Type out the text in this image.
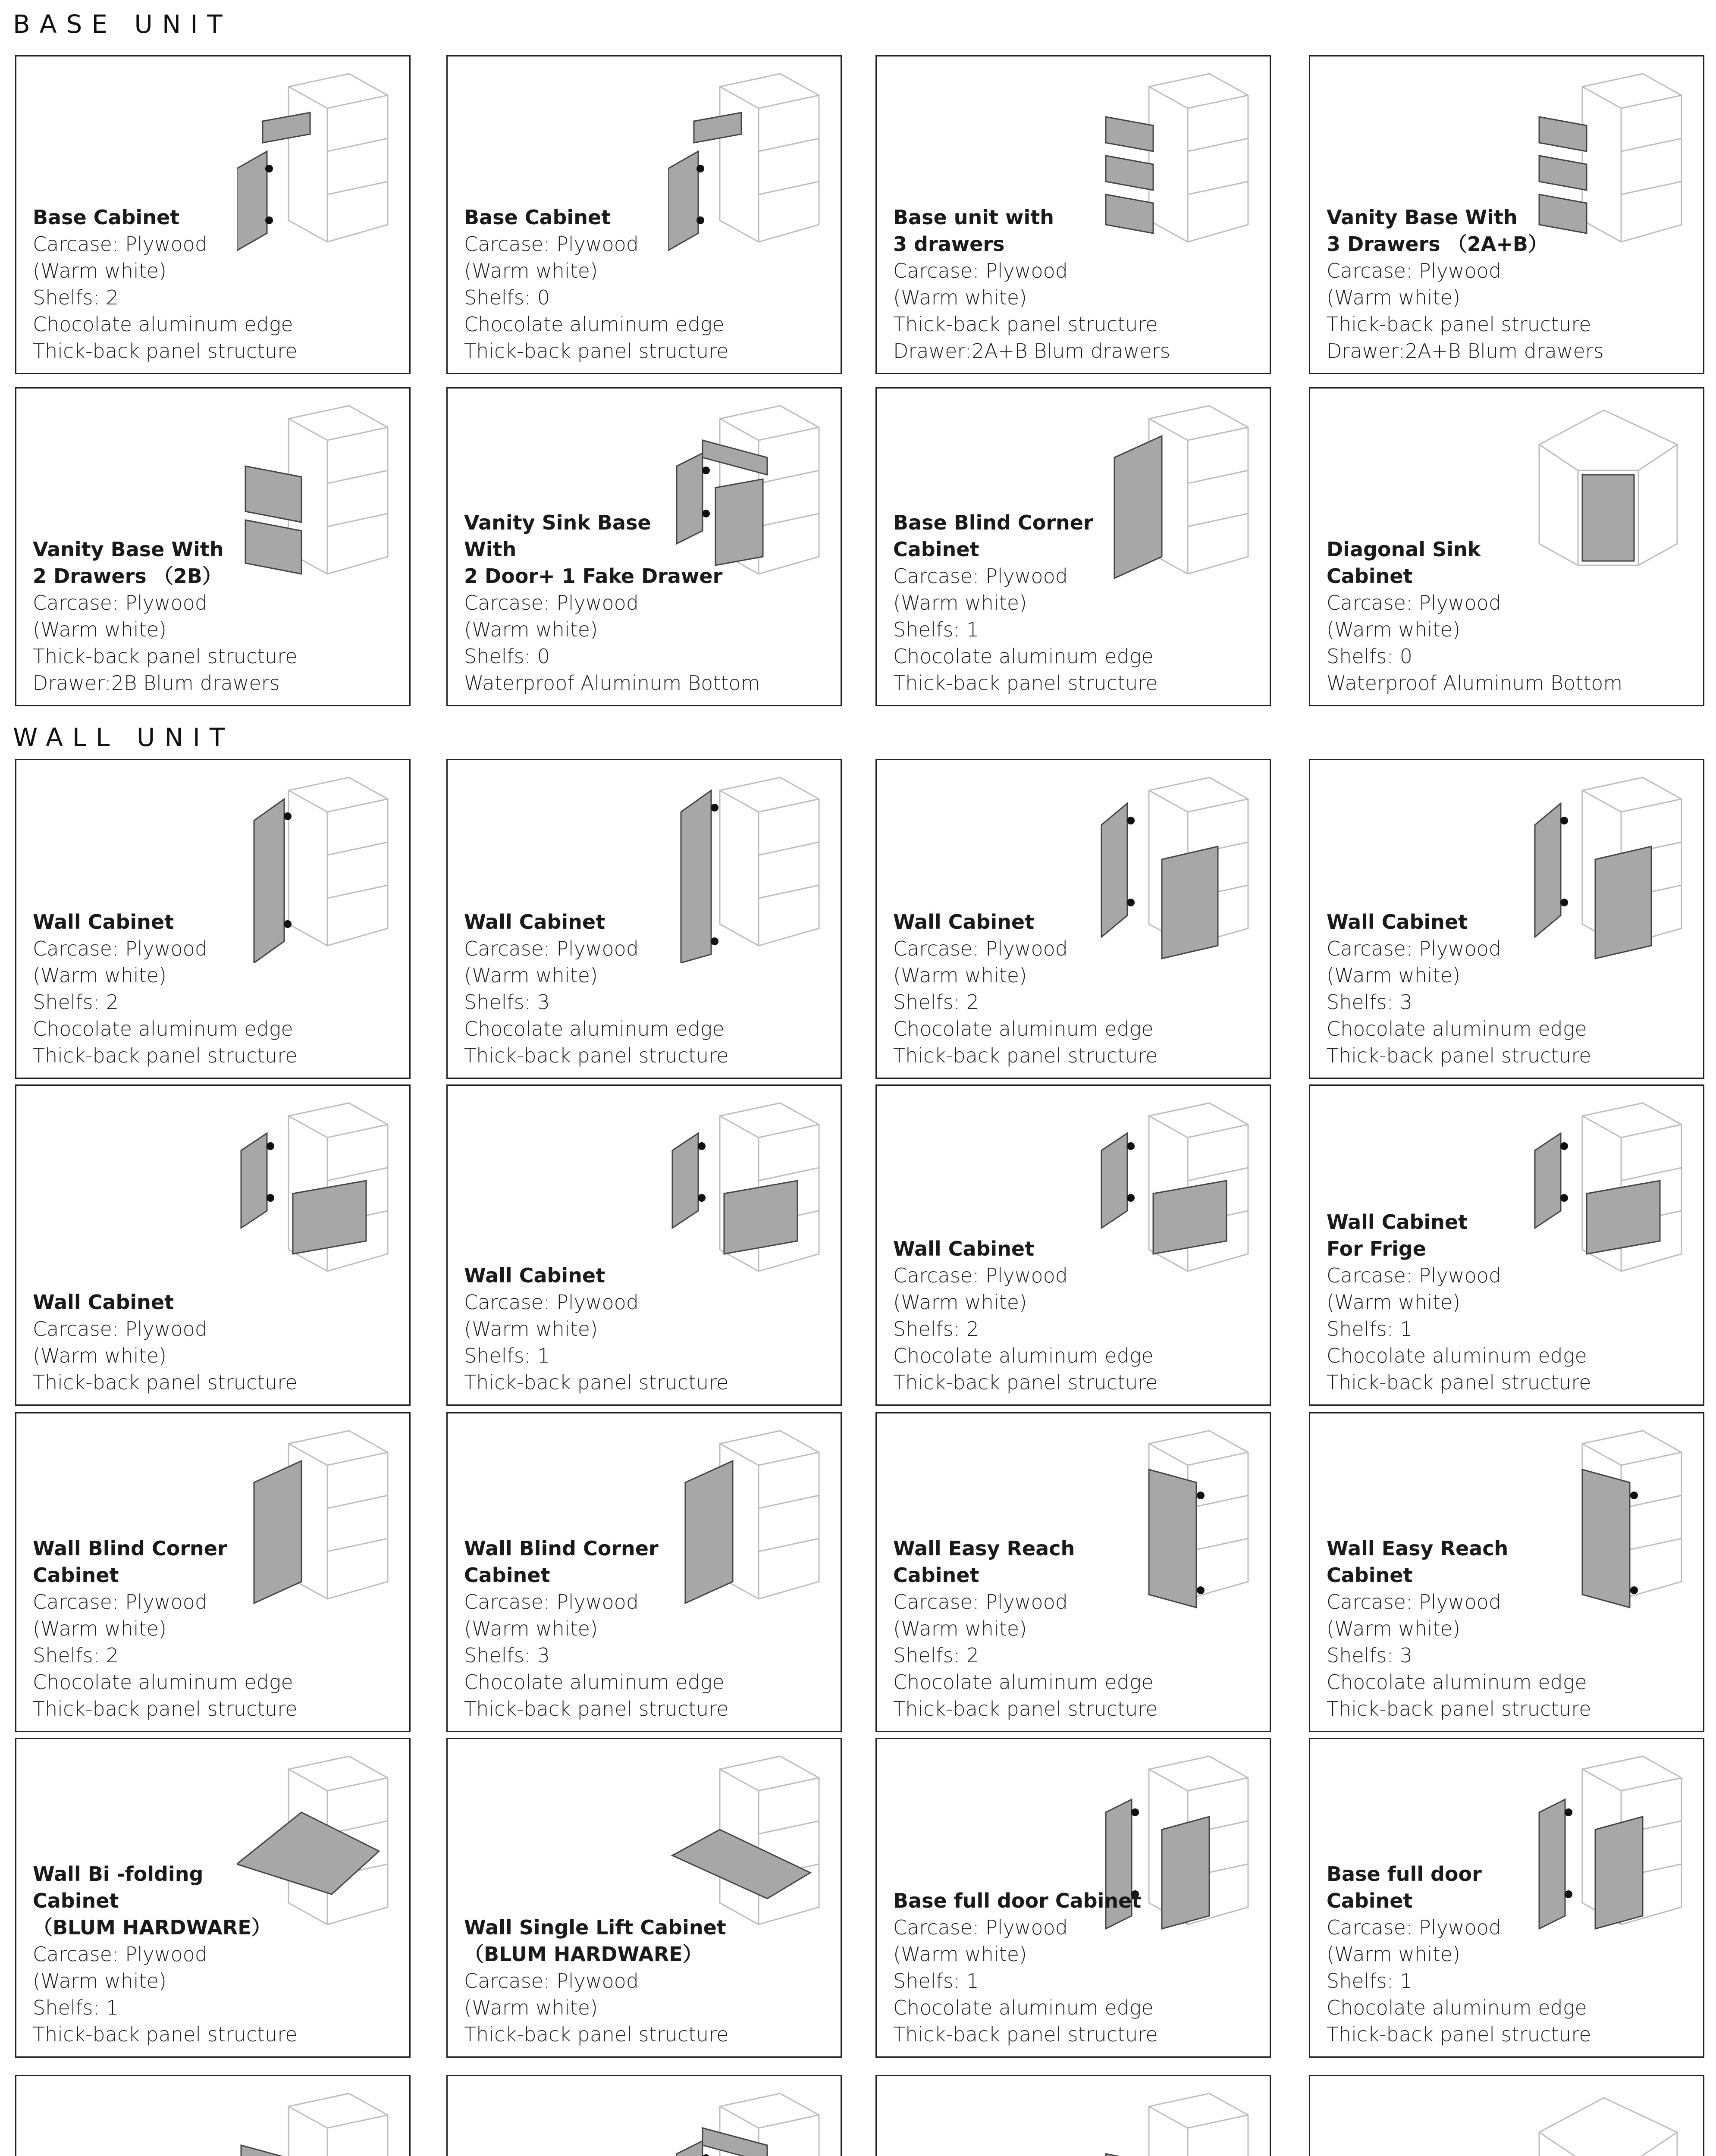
BASE UNIT
WALL UNIT
Base Cabinet
Carcase: Plywood
(Warm white)
Shelfs: 2
Chocolate aluminum edge
Thick-back panel structure
Base Cabinet
Carcase: Plywood
(Warm white)
Shelfs: 0
Chocolate aluminum edge
Thick-back panel structure
Base unit with
3 drawers
Carcase: Plywood
(Warm white)
Thick-back panel structure
Drawer:2A+B Blum drawers
Vanity Base With
3 Drawers （2A+B）
Carcase: Plywood
(Warm white)
Thick-back panel structure
Drawer:2A+B Blum drawers
Vanity Base With
2 Drawers （2B）
Carcase: Plywood
(Warm white)
Thick-back panel structure
Drawer:2B Blum drawers
Vanity Sink Base
With
2 Door+ 1 Fake Drawer
Carcase: Plywood
(Warm white)
Shelfs: 0
Waterproof Aluminum Bottom
Base Blind Corner
Cabinet
Carcase: Plywood
(Warm white)
Shelfs: 1
Chocolate aluminum edge
Thick-back panel structure
Diagonal Sink
Cabinet
Carcase: Plywood
(Warm white)
Shelfs: 0
Waterproof Aluminum Bottom
Wall Cabinet
Carcase: Plywood
(Warm white)
Shelfs: 2
Chocolate aluminum edge
Thick-back panel structure
Wall Cabinet
Carcase: Plywood
(Warm white)
Shelfs: 3
Chocolate aluminum edge
Thick-back panel structure
Wall Cabinet
Carcase: Plywood
(Warm white)
Shelfs: 2
Chocolate aluminum edge
Thick-back panel structure
Wall Cabinet
Carcase: Plywood
(Warm white)
Shelfs: 3
Chocolate aluminum edge
Thick-back panel structure
Wall Cabinet
Carcase: Plywood
(Warm white)
Thick-back panel structure
Wall Cabinet
Carcase: Plywood
(Warm white)
Shelfs: 1
Thick-back panel structure
Wall Cabinet
Carcase: Plywood
(Warm white)
Shelfs: 2
Chocolate aluminum edge
Thick-back panel structure
Wall Cabinet
For Frige
Carcase: Plywood
(Warm white)
Shelfs: 1
Chocolate aluminum edge
Thick-back panel structure
Wall Blind Corner
Cabinet
Carcase: Plywood
(Warm white)
Shelfs: 2
Chocolate aluminum edge
Thick-back panel structure
Wall Blind Corner
Cabinet
Carcase: Plywood
(Warm white)
Shelfs: 3
Chocolate aluminum edge
Thick-back panel structure
Wall Easy Reach
Cabinet
Carcase: Plywood
(Warm white)
Shelfs: 2
Chocolate aluminum edge
Thick-back panel structure
Wall Easy Reach
Cabinet
Carcase: Plywood
(Warm white)
Shelfs: 3
Chocolate aluminum edge
Thick-back panel structure
Wall Bi -folding
Cabinet
（BLUM HARDWARE）
Carcase: Plywood
(Warm white)
Shelfs: 1
Thick-back panel structure
Wall Single Lift Cabinet
（BLUM HARDWARE）
Carcase: Plywood
(Warm white)
Thick-back panel structure
Base full door Cabinet
Carcase: Plywood
(Warm white)
Shelfs: 1
Chocolate aluminum edge
Thick-back panel structure
Base full door
Cabinet
Carcase: Plywood
(Warm white)
Shelfs: 1
Chocolate aluminum edge
Thick-back panel structure
